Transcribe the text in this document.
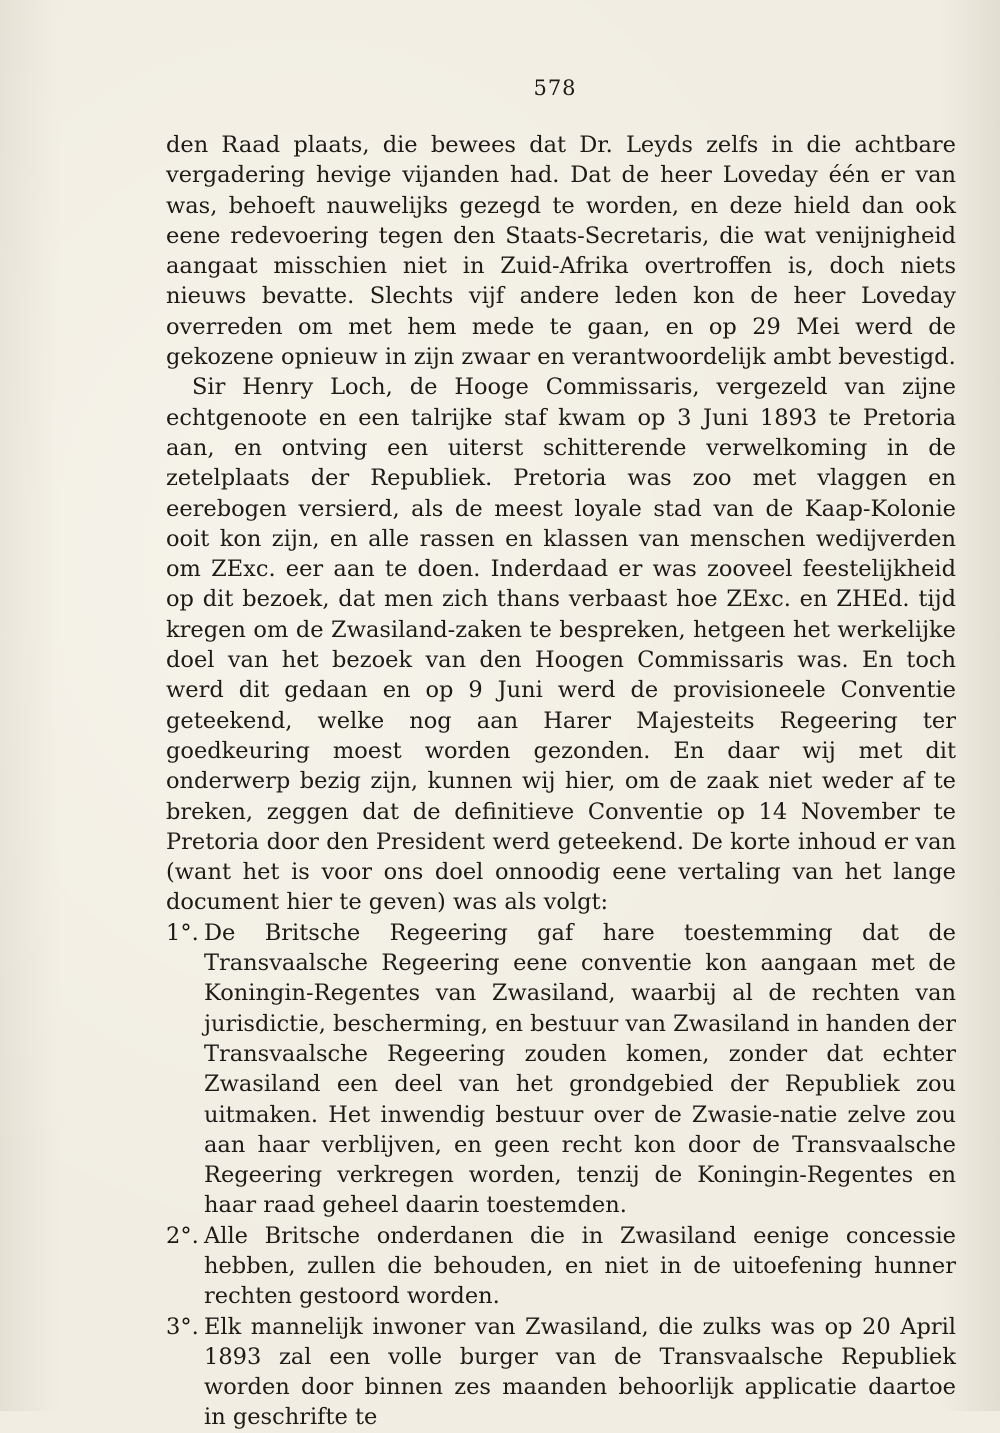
578

den Raad plaats, die bewees dat Dr. Leyds zelfs in die achtbare vergadering hevige vijanden had. Dat de heer Loveday één er van was, behoeft nauwelijks gezegd te worden, en deze hield dan ook eene redevoering tegen den Staats-Secretaris, die wat venijnigheid aangaat misschien niet in Zuid-Afrika overtroffen is, doch niets nieuws bevatte. Slechts vijf andere leden kon de heer Loveday overreden om met hem mede te gaan, en op 29 Mei werd de gekozene opnieuw in zijn zwaar en verantwoordelijk ambt bevestigd.

Sir Henry Loch, de Hooge Commissaris, vergezeld van zijne echtgenoote en een talrijke staf kwam op 3 Juni 1893 te Pretoria aan, en ontving een uiterst schitterende verwelkoming in de zetelplaats der Republiek. Pretoria was zoo met vlaggen en eerebogen versierd, als de meest loyale stad van de Kaap-Kolonie ooit kon zijn, en alle rassen en klassen van menschen wedijverden om ZExc. eer aan te doen. Inderdaad er was zooveel feestelijkheid op dit bezoek, dat men zich thans verbaast hoe ZExc. en ZHEd. tijd kregen om de Zwasiland-zaken te bespreken, hetgeen het werkelijke doel van het bezoek van den Hoogen Commissaris was. En toch werd dit gedaan en op 9 Juni werd de provisioneele Conventie geteekend, welke nog aan Harer Majesteits Regeering ter goedkeuring moest worden gezonden. En daar wij met dit onderwerp bezig zijn, kunnen wij hier, om de zaak niet weder af te breken, zeggen dat de definitieve Conventie op 14 November te Pretoria door den President werd geteekend. De korte inhoud er van (want het is voor ons doel onnoodig eene vertaling van het lange document hier te geven) was als volgt:

1°. De Britsche Regeering gaf hare toestemming dat de Transvaalsche Regeering eene conventie kon aangaan met de Koningin-Regentes van Zwasiland, waarbij al de rechten van jurisdictie, bescherming, en bestuur van Zwasiland in handen der Transvaalsche Regeering zouden komen, zonder dat echter Zwasiland een deel van het grondgebied der Republiek zou uitmaken. Het inwendig bestuur over de Zwasie-natie zelve zou aan haar verblijven, en geen recht kon door de Transvaalsche Regeering verkregen worden, tenzij de Koningin-Regentes en haar raad geheel daarin toestemden.
2°. Alle Britsche onderdanen die in Zwasiland eenige concessie hebben, zullen die behouden, en niet in de uitoefening hunner rechten gestoord worden.
3°. Elk mannelijk inwoner van Zwasiland, die zulks was op 20 April 1893 zal een volle burger van de Transvaalsche Republiek worden door binnen zes maanden behoorlijk applicatie daartoe in geschrifte te
